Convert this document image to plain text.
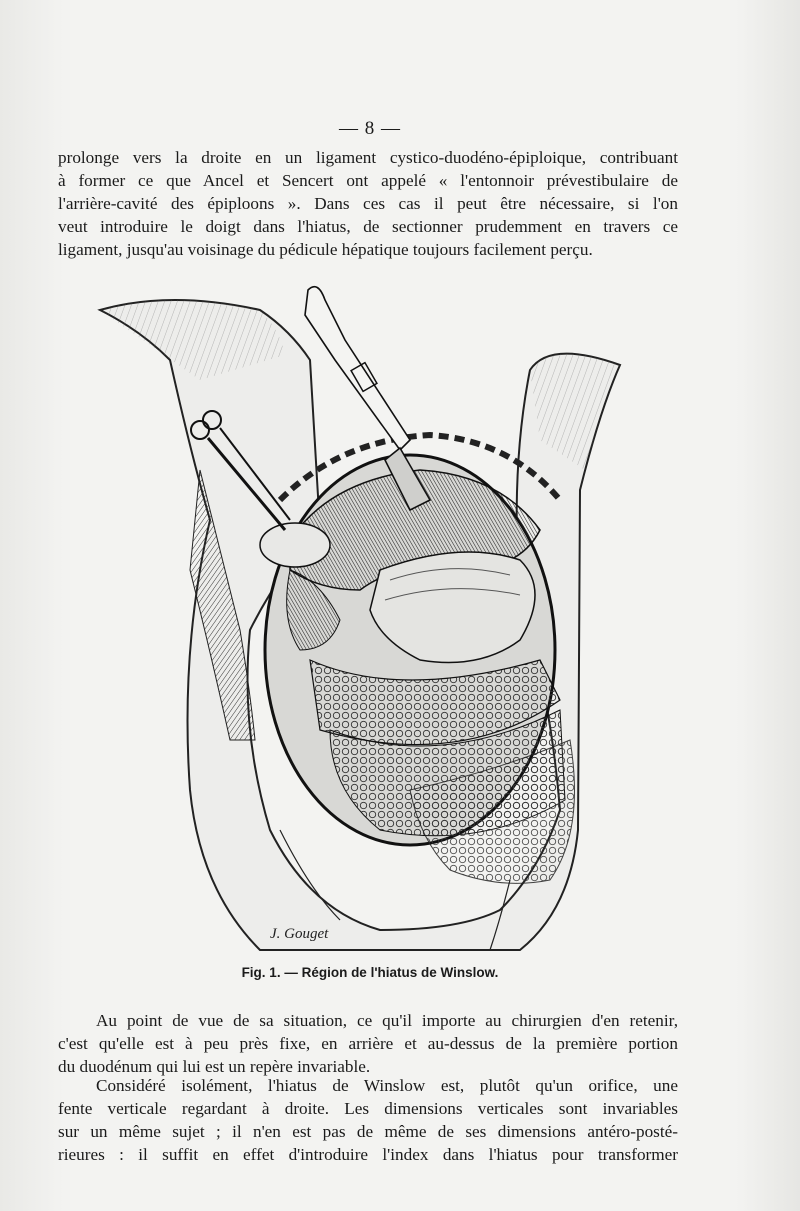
— 8 —
prolonge vers la droite en un ligament cystico-duodéno-épiploique, contribuant
à former ce que Ancel et Sencert ont appelé « l'entonnoir prévestibulaire de
l'arrière-cavité des épiploons ». Dans ces cas il peut être nécessaire, si l'on
veut introduire le doigt dans l'hiatus, de sectionner prudemment en travers ce
ligament, jusqu'au voisinage du pédicule hépatique toujours facilement perçu.
J. Gouget
Fig. 1. — Région de l'hiatus de Winslow.
Au point de vue de sa situation, ce qu'il importe au chirurgien d'en retenir,
c'est qu'elle est à peu près fixe, en arrière et au-dessus de la première portion
du duodénum qui lui est un repère invariable.
Considéré isolément, l'hiatus de Winslow est, plutôt qu'un orifice, une
fente verticale regardant à droite. Les dimensions verticales sont invariables
sur un même sujet ; il n'en est pas de même de ses dimensions antéro-posté-
rieures : il suffit en effet d'introduire l'index dans l'hiatus pour transformer
